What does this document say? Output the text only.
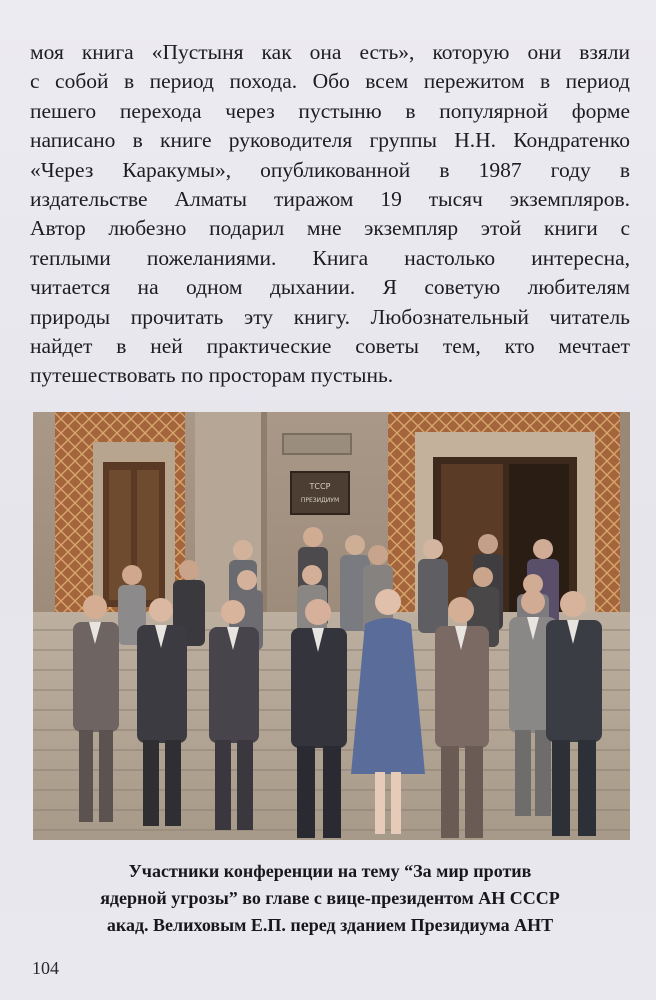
моя книга «Пустыня как она есть», которую они взяли
с собой в период похода. Обо всем пережитом в период
пешего перехода через пустыню в популярной форме
написано в книге руководителя группы Н.Н. Кондратенко
«Через Каракумы», опубликованной в 1987 году в
издательстве Алматы тиражом 19 тысяч экземпляров.
Автор любезно подарил мне экземпляр этой книги с
теплыми пожеланиями. Книга настолько интересна,
читается на одном дыхании. Я советую любителям
природы прочитать эту книгу. Любознательный читатель
найдет в ней практические советы тем, кто мечтает
путешествовать по просторам пустынь.
ТССР
ПРЕЗИДИУМ
Участники конференции на тему “За мир против
ядерной угрозы” во главе с вице-президентом АН СССР
акад. Велиховым Е.П. перед зданием Президиума АНТ
104
